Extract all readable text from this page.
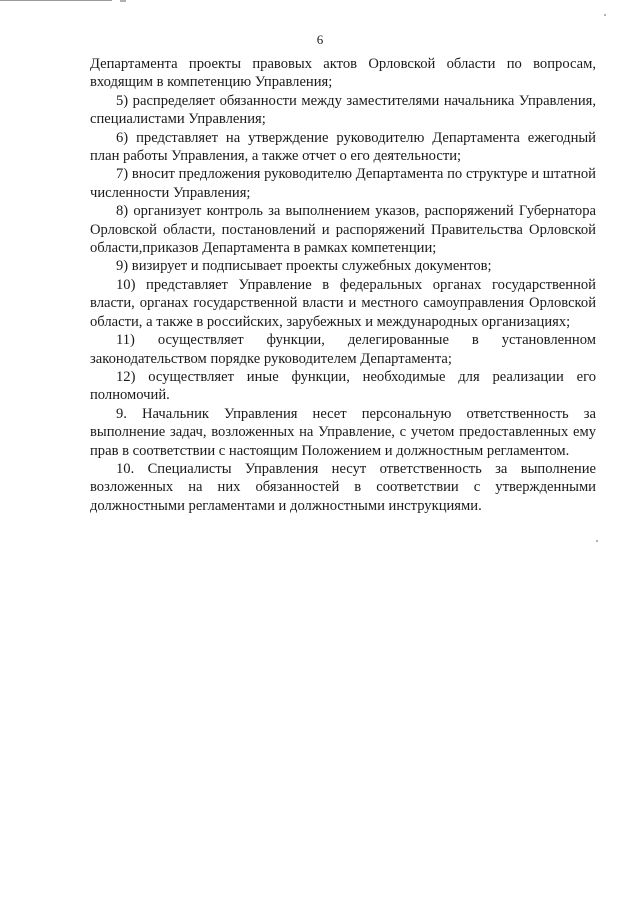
6

Департамента проекты правовых актов Орловской области по вопросам, входящим в компетенцию Управления;

5) распределяет обязанности между заместителями начальника Управления, специалистами Управления;

6) представляет на утверждение руководителю Департамента ежегодный план работы Управления, а также отчет о его деятельности;

7) вносит предложения руководителю Департамента по структуре и штатной численности Управления;

8) организует контроль за выполнением указов, распоряжений Губернатора Орловской области, постановлений и распоряжений Правительства Орловской области,приказов Департамента в рамках компетенции;

9) визирует и подписывает проекты служебных документов;

10) представляет Управление в федеральных органах государственной власти, органах государственной власти и местного самоуправления Орловской области, а также в российских, зарубежных и международных организациях;

11) осуществляет функции, делегированные в установленном законодательством порядке руководителем Департамента;

12) осуществляет иные функции, необходимые для реализации его полномочий.

9. Начальник Управления несет персональную ответственность за выполнение задач, возложенных на Управление, с учетом предоставленных ему прав в соответствии с настоящим Положением и должностным регламентом.

10. Специалисты Управления несут ответственность за выполнение возложенных на них обязанностей в соответствии с утвержденными должностными регламентами и должностными инструкциями.
